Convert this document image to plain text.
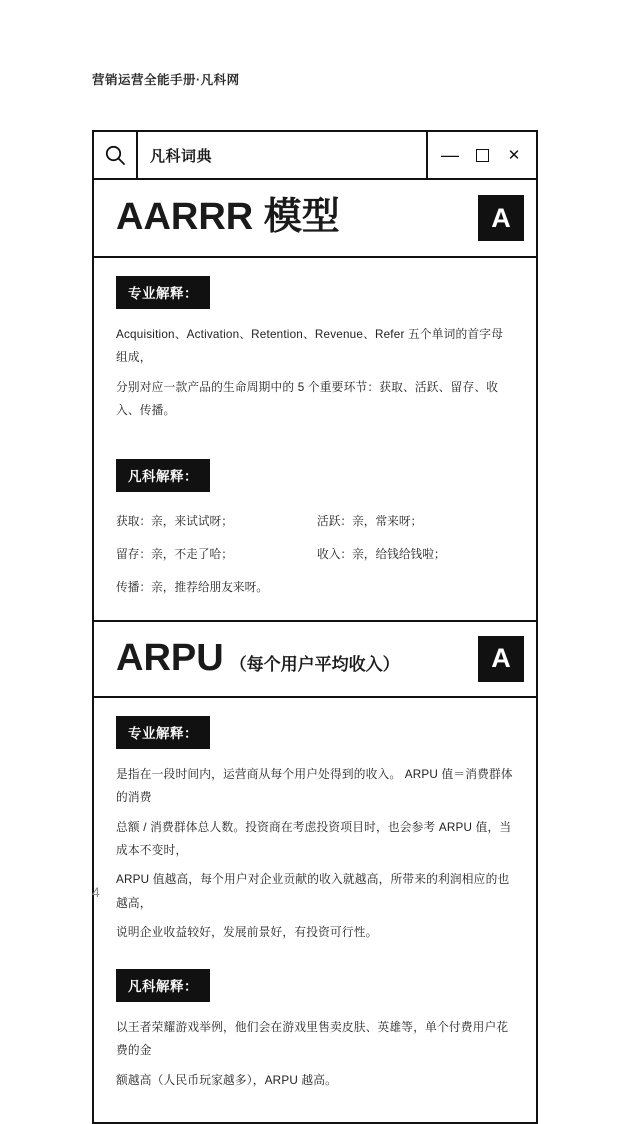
营销运营全能手册·凡科网
凡科词典	—	✕
AARRR 模型	A
专业解释：

Acquisition、Activation、Retention、Revenue、Refer 五个单词的首字母组成，

分别对应一款产品的生命周期中的 5 个重要环节：获取、活跃、留存、收入、传播。

凡科解释：
获取：亲，来试试呀；	活跃：亲，常来呀；
留存：亲，不走了哈；	收入：亲，给钱给钱啦；
传播：亲，推荐给朋友来呀。
ARPU （每个用户平均收入）	A
专业解释：

是指在一段时间内，运营商从每个用户处得到的收入。 ARPU 值＝消费群体的消费

总额 / 消费群体总人数。投资商在考虑投资项目时，也会参考 ARPU 值，当成本不变时，

ARPU 值越高，每个用户对企业贡献的收入就越高，所带来的利润相应的也越高，

说明企业收益较好，发展前景好，有投资可行性。

凡科解释：

以王者荣耀游戏举例，他们会在游戏里售卖皮肤、英雄等，单个付费用户花费的金

额越高（人民币玩家越多），ARPU 越高。

4
